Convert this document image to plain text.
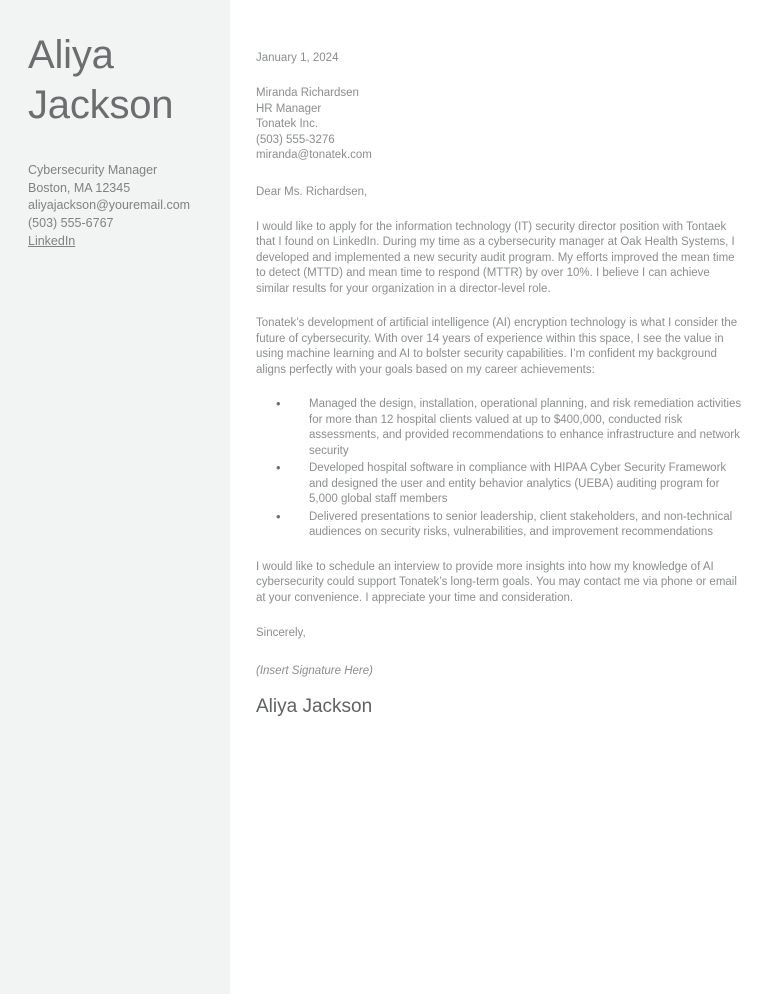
Aliya
Jackson
Cybersecurity Manager
Boston, MA 12345
aliyajackson@youremail.com
(503) 555-6767
LinkedIn
January 1, 2024
Miranda Richardsen
HR Manager
Tonatek Inc.
(503) 555-3276
miranda@tonatek.com
Dear Ms. Richardsen,

I would like to apply for the information technology (IT) security director position with Tontaek that I found on LinkedIn. During my time as a cybersecurity manager at Oak Health Systems, I developed and implemented a new security audit program. My efforts improved the mean time to detect (MTTD) and mean time to respond (MTTR) by over 10%. I believe I can achieve similar results for your organization in a director-level role.

Tonatek’s development of artificial intelligence (AI) encryption technology is what I consider the future of cybersecurity. With over 14 years of experience within this space, I see the value in using machine learning and AI to bolster security capabilities. I’m confident my background aligns perfectly with your goals based on my career achievements:

• Managed the design, installation, operational planning, and risk remediation activities for more than 12 hospital clients valued at up to $400,000, conducted risk assessments, and provided recommendations to enhance infrastructure and network security
• Developed hospital software in compliance with HIPAA Cyber Security Framework and designed the user and entity behavior analytics (UEBA) auditing program for 5,000 global staff members
• Delivered presentations to senior leadership, client stakeholders, and non-technical audiences on security risks, vulnerabilities, and improvement recommendations

I would like to schedule an interview to provide more insights into how my knowledge of AI cybersecurity could support Tonatek’s long-term goals. You may contact me via phone or email at your convenience. I appreciate your time and consideration.

Sincerely,
(Insert Signature Here)
Aliya Jackson
